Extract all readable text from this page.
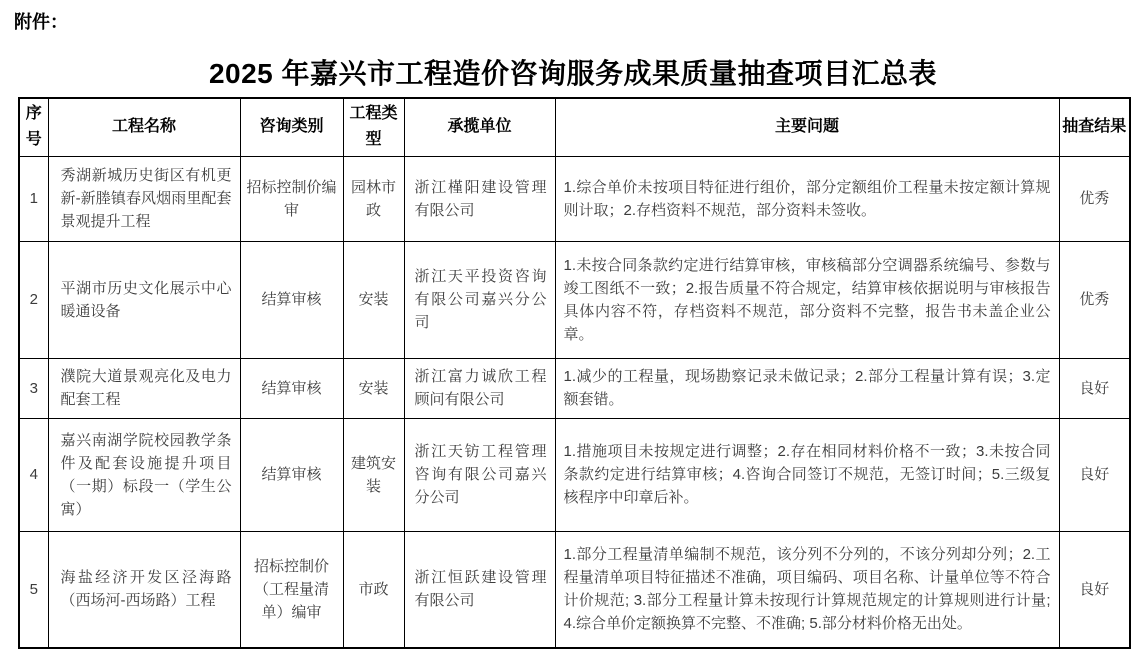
附件：
2025 年嘉兴市工程造价咨询服务成果质量抽查项目汇总表
序号	工程名称	咨询类别	工程类型	承揽单位	主要问题	抽查结果
1	秀湖新城历史街区有机更新-新塍镇春风烟雨里配套景观提升工程	招标控制价编审	园林市政	浙江槿阳建设管理有限公司	1.综合单价未按项目特征进行组价，部分定额组价工程量未按定额计算规则计取；2.存档资料不规范，部分资料未签收。	优秀
2	平湖市历史文化展示中心暖通设备	结算审核	安装	浙江天平投资咨询有限公司嘉兴分公司	1.未按合同条款约定进行结算审核，审核稿部分空调器系统编号、参数与竣工图纸不一致；2.报告质量不符合规定，结算审核依据说明与审核报告具体内容不符，存档资料不规范，部分资料不完整，报告书未盖企业公章。	优秀
3	濮院大道景观亮化及电力配套工程	结算审核	安装	浙江富力诚欣工程顾问有限公司	1.减少的工程量，现场勘察记录未做记录；2.部分工程量计算有误；3.定额套错。	良好
4	嘉兴南湖学院校园教学条件及配套设施提升项目（一期）标段一（学生公寓）	结算审核	建筑安装	浙江天钫工程管理咨询有限公司嘉兴分公司	1.措施项目未按规定进行调整；2.存在相同材料价格不一致；3.未按合同条款约定进行结算审核；4.咨询合同签订不规范，无签订时间；5.三级复核程序中印章后补。	良好
5	海盐经济开发区泾海路（西场河-西场路）工程	招标控制价（工程量清单）编审	市政	浙江恒跃建设管理有限公司	1.部分工程量清单编制不规范，该分列不分列的，不该分列却分列；2.工程量清单项目特征描述不准确，项目编码、项目名称、计量单位等不符合计价规范; 3.部分工程量计算未按现行计算规范规定的计算规则进行计量; 4.综合单价定额换算不完整、不准确; 5.部分材料价格无出处。	良好
